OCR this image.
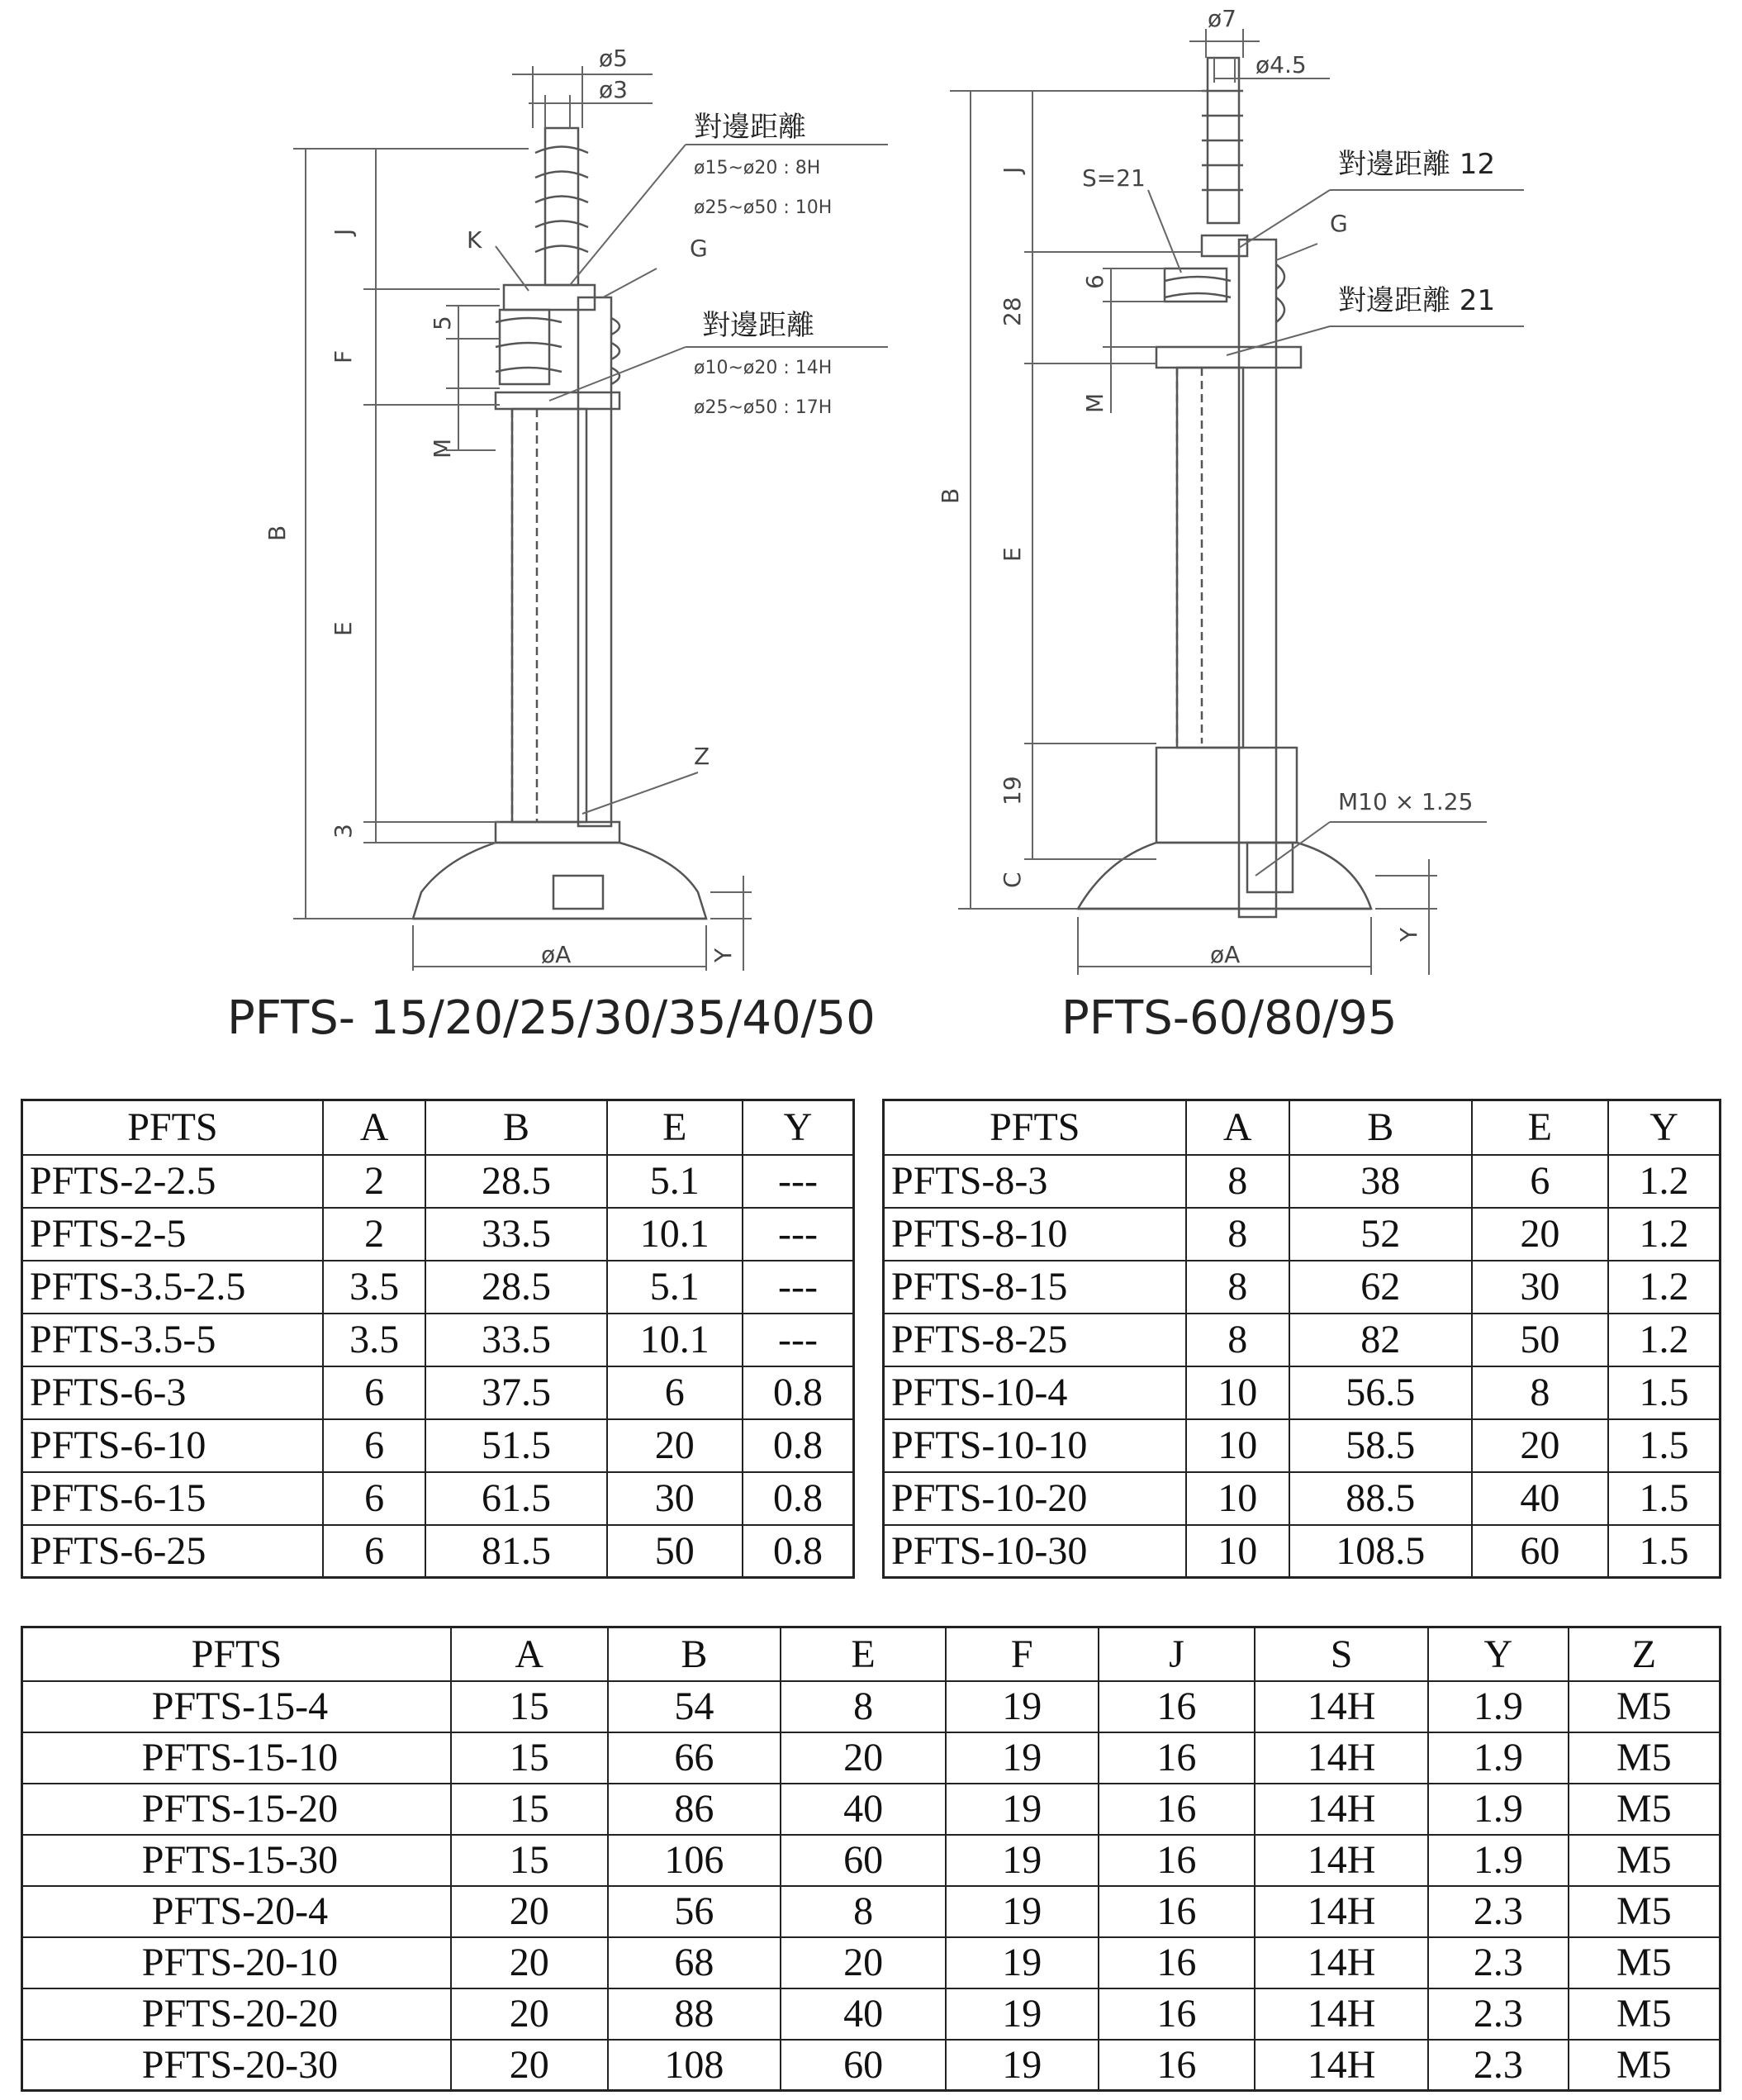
ø5
ø3
K	G
Z
øA
J
F
B
E
3
5
M
Y
對邊距離
ø15~ø20 : 8H
ø25~ø50 : 10H
對邊距離
ø10~ø20 : 14H
ø25~ø50 : 17H
ø7
ø4.5
S=21
G
M10 × 1.25
øA
J
28
B
E
19
C
6
M
Y
對邊距離 12
對邊距離 21
PFTS- 15/20/25/30/35/40/50	PFTS-60/80/95
PFTS	A	B	E	Y
PFTS-2-2.5	2	28.5	5.1	---
PFTS-2-5	2	33.5	10.1	---
PFTS-3.5-2.5	3.5	28.5	5.1	---
PFTS-3.5-5	3.5	33.5	10.1	---
PFTS-6-3	6	37.5	6	0.8
PFTS-6-10	6	51.5	20	0.8
PFTS-6-15	6	61.5	30	0.8
PFTS-6-25	6	81.5	50	0.8
PFTS	A	B	E	Y
PFTS-8-3	8	38	6	1.2
PFTS-8-10	8	52	20	1.2
PFTS-8-15	8	62	30	1.2
PFTS-8-25	8	82	50	1.2
PFTS-10-4	10	56.5	8	1.5
PFTS-10-10	10	58.5	20	1.5
PFTS-10-20	10	88.5	40	1.5
PFTS-10-30	10	108.5	60	1.5
PFTS	A	B	E	F	J	S	Y	Z
PFTS-15-4	15	54	8	19	16	14H	1.9	M5
PFTS-15-10	15	66	20	19	16	14H	1.9	M5
PFTS-15-20	15	86	40	19	16	14H	1.9	M5
PFTS-15-30	15	106	60	19	16	14H	1.9	M5
PFTS-20-4	20	56	8	19	16	14H	2.3	M5
PFTS-20-10	20	68	20	19	16	14H	2.3	M5
PFTS-20-20	20	88	40	19	16	14H	2.3	M5
PFTS-20-30	20	108	60	19	16	14H	2.3	M5
